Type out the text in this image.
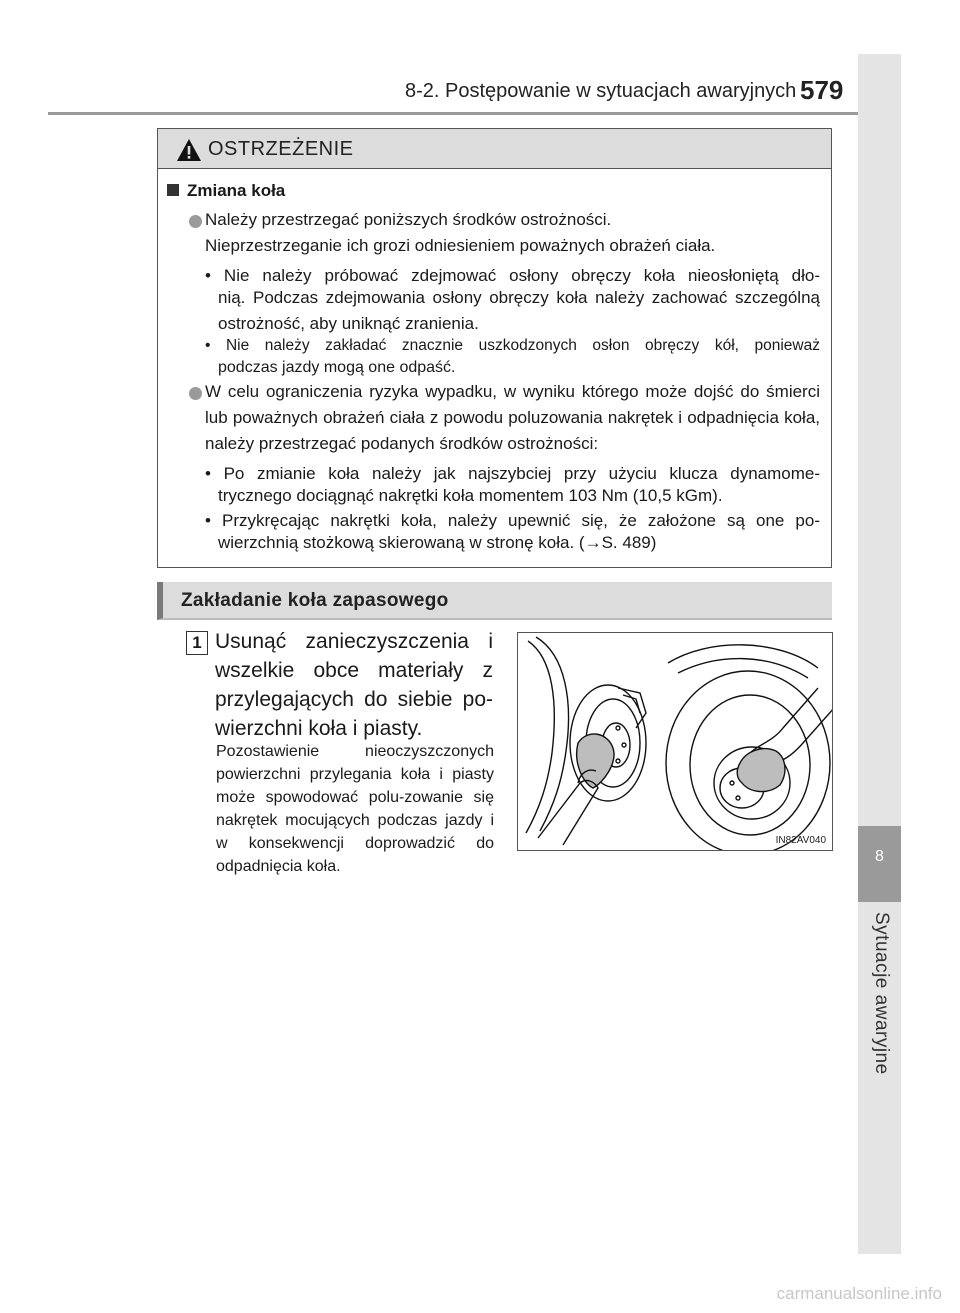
8-2. Postępowanie w sytuacjach awaryjnych 579
8
Sytuacje awaryjne
OSTRZEŻENIE
Zmiana koła
Należy przestrzegać poniższych środków ostrożności.
Nieprzestrzeganie ich grozi odniesieniem poważnych obrażeń ciała.
• Nie należy próbować zdejmować osłony obręczy koła nieosłoniętą dło-
nią. Podczas zdejmowania osłony obręczy koła należy zachować szczególną ostrożność, aby uniknąć zranienia.
• Nie należy zakładać znacznie uszkodzonych osłon obręczy kół, ponieważ
podczas jazdy mogą one odpaść.
W celu ograniczenia ryzyka wypadku, w wyniku którego może dojść do śmierci lub poważnych obrażeń ciała z powodu poluzowania nakrętek i odpadnięcia koła, należy przestrzegać podanych środków ostrożności:
• Po zmianie koła należy jak najszybciej przy użyciu klucza dynamome-
trycznego dociągnąć nakrętki koła momentem 103 Nm (10,5 kGm).
• Przykręcając nakrętki koła, należy upewnić się, że założone są one po-
wierzchnią stożkową skierowaną w stronę koła. (→S. 489)
Zakładanie koła zapasowego
1 Usunąć zanieczyszczenia i wszelkie obce materiały z przylegających do siebie po-wierzchni koła i piasty.
Pozostawienie nieoczyszczonych powierzchni przylegania koła i piasty może spowodować polu-zowanie się nakrętek mocujących podczas jazdy i w konsekwencji doprowadzić do odpadnięcia koła.
IN82AV040
carmanualsonline.info
